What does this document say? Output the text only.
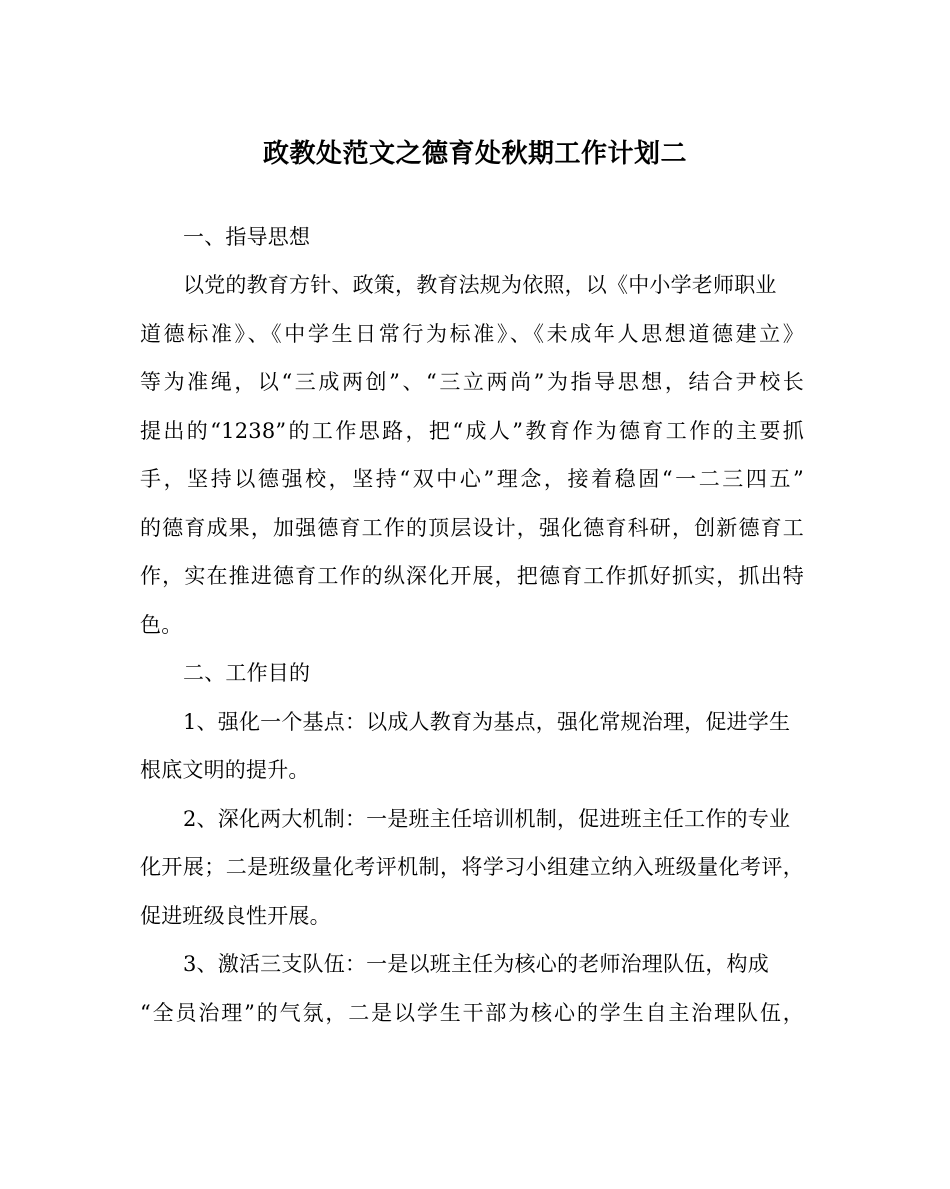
政教处范文之德育处秋期工作计划二
一、指导思想
以党的教育方针、政策，教育法规为依照，以《中小学老师职业
道德标准》、《中学生日常行为标准》、《未成年人思想道德建立》
等为准绳，以“三成两创”、“三立两尚”为指导思想，结合尹校长
提出的“1238”的工作思路，把“成人”教育作为德育工作的主要抓
手，坚持以德强校，坚持“双中心”理念，接着稳固“一二三四五”
的德育成果，加强德育工作的顶层设计，强化德育科研，创新德育工
作，实在推进德育工作的纵深化开展，把德育工作抓好抓实，抓出特
色。
二、工作目的
1、强化一个基点：以成人教育为基点，强化常规治理，促进学生
根底文明的提升。
2、深化两大机制：一是班主任培训机制，促进班主任工作的专业
化开展；二是班级量化考评机制，将学习小组建立纳入班级量化考评，
促进班级良性开展。
3、激活三支队伍：一是以班主任为核心的老师治理队伍，构成
“全员治理”的气氛，二是以学生干部为核心的学生自主治理队伍，
